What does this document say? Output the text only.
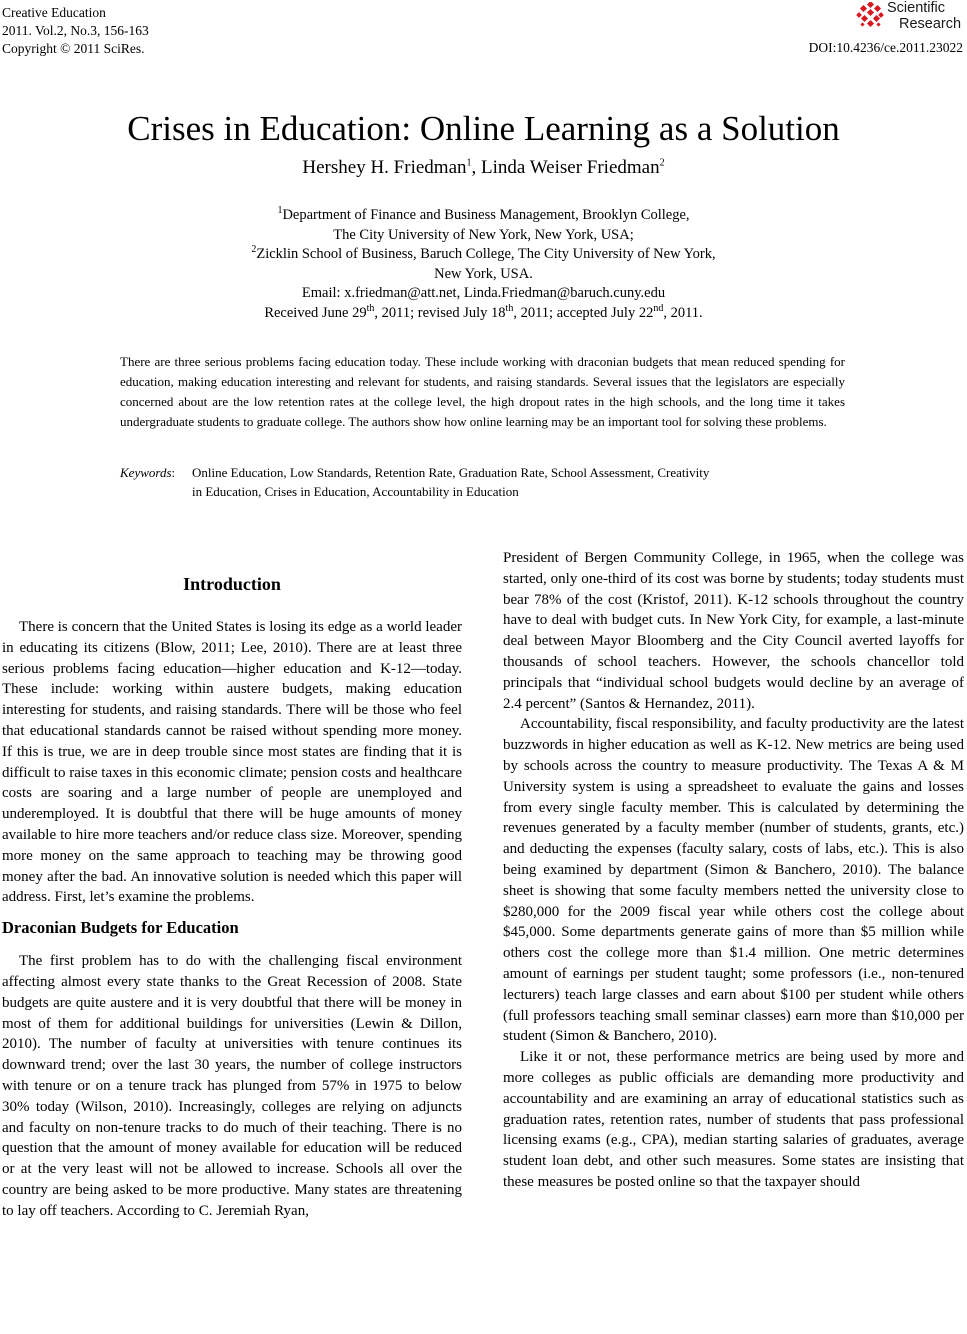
Creative Education
2011. Vol.2, No.3, 156-163
Copyright © 2011 SciRes.
Scientific
Research
DOI:10.4236/ce.2011.23022
Crises in Education: Online Learning as a Solution
Hershey H. Friedman$^1$, Linda Weiser Friedman$^2$
$^1$Department of Finance and Business Management, Brooklyn College,
The City University of New York, New York, USA;
$^2$Zicklin School of Business, Baruch College, The City University of New York,
New York, USA.
Email: x.friedman@att.net, Linda.Friedman@baruch.cuny.edu
Received June 29th, 2011; revised July 18th, 2011; accepted July 22nd, 2011.
There are three serious problems facing education today. These include working with draconian budgets that mean reduced spending for education, making education interesting and relevant for students, and raising standards. Several issues that the legislators are especially concerned about are the low retention rates at the college level, the high dropout rates in the high schools, and the long time it takes undergraduate students to graduate college. The authors show how online learning may be an important tool for solving these problems.
Keywords:	Online Education, Low Standards, Retention Rate, Graduation Rate, School Assessment, Creativity
in Education, Crises in Education, Accountability in Education
Introduction

There is concern that the United States is losing its edge as a world leader in educating its citizens (Blow, 2011; Lee, 2010). There are at least three serious problems facing education―higher education and K-12―today. These include: working within austere budgets, making education interesting for students, and raising standards. There will be those who feel that educational standards cannot be raised without spending more money. If this is true, we are in deep trouble since most states are finding that it is difficult to raise taxes in this economic climate; pension costs and healthcare costs are soaring and a large number of people are unemployed and underemployed. It is doubtful that there will be huge amounts of money available to hire more teachers and/or reduce class size. Moreover, spending more money on the same approach to teaching may be throwing good money after the bad. An innovative solution is needed which this paper will address. First, let’s examine the problems.

Draconian Budgets for Education

The first problem has to do with the challenging fiscal environment affecting almost every state thanks to the Great Recession of 2008. State budgets are quite austere and it is very doubtful that there will be money in most of them for additional buildings for universities (Lewin & Dillon, 2010). The number of faculty at universities with tenure continues its downward trend; over the last 30 years, the number of college instructors with tenure or on a tenure track has plunged from 57% in 1975 to below 30% today (Wilson, 2010). Increasingly, colleges are relying on adjuncts and faculty on non-tenure tracks to do much of their teaching. There is no question that the amount of money available for education will be reduced or at the very least will not be allowed to increase. Schools all over the country are being asked to be more productive. Many states are threatening to lay off teachers. According to C. Jeremiah Ryan,

President of Bergen Community College, in 1965, when the college was started, only one-third of its cost was borne by students; today students must bear 78% of the cost (Kristof, 2011). K-12 schools throughout the country have to deal with budget cuts. In New York City, for example, a last-minute deal between Mayor Bloomberg and the City Council averted layoffs for thousands of school teachers. However, the schools chancellor told principals that “individual school budgets would decline by an average of 2.4 percent” (Santos & Hernandez, 2011).

Accountability, fiscal responsibility, and faculty productivity are the latest buzzwords in higher education as well as K-12. New metrics are being used by schools across the country to measure productivity. The Texas A & M University system is using a spreadsheet to evaluate the gains and losses from every single faculty member. This is calculated by determining the revenues generated by a faculty member (number of students, grants, etc.) and deducting the expenses (faculty salary, costs of labs, etc.). This is also being examined by department (Simon & Banchero, 2010). The balance sheet is showing that some faculty members netted the university close to $280,000 for the 2009 fiscal year while others cost the college about $45,000. Some departments generate gains of more than $5 million while others cost the college more than $1.4 million. One metric determines amount of earnings per student taught; some professors (i.e., non-tenured lecturers) teach large classes and earn about $100 per student while others (full professors teaching small seminar classes) earn more than $10,000 per student (Simon & Banchero, 2010).

Like it or not, these performance metrics are being used by more and more colleges as public officials are demanding more productivity and accountability and are examining an array of educational statistics such as graduation rates, retention rates, number of students that pass professional licensing exams (e.g., CPA), median starting salaries of graduates, average student loan debt, and other such measures. Some states are insisting that these measures be posted online so that the taxpayer should
